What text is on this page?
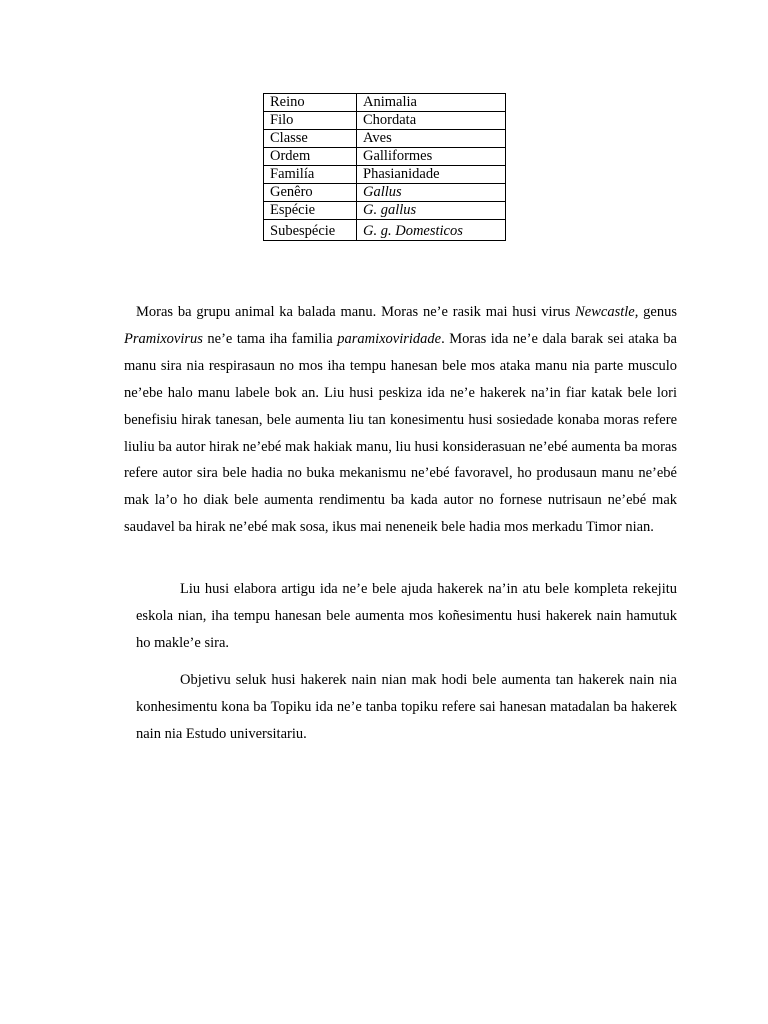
Reino	Animalia
Filo	Chordata
Classe	Aves
Ordem	Galliformes
Familía	Phasianidade
Genêro	Gallus
Espécie	G. gallus
Subespécie	G. g. Domesticos

Moras ba grupu animal ka balada manu. Moras ne’e rasik mai husi virus Newcastle, genus Pramixovirus ne’e tama iha familia paramixoviridade. Moras ida ne’e dala barak sei ataka ba manu sira nia respirasaun no mos iha tempu hanesan bele mos ataka manu nia parte musculo ne’ebe halo manu labele bok an. Liu husi peskiza ida ne’e hakerek na’in fiar katak bele lori benefisiu hirak tanesan, bele aumenta liu tan konesimentu husi sosiedade konaba moras refere liuliu ba autor hirak ne’ebé mak hakiak manu, liu husi konsiderasuan ne’ebé aumenta ba moras refere autor sira bele hadia no buka mekanismu ne’ebé favoravel, ho produsaun manu ne’ebé mak la’o ho diak bele aumenta rendimentu ba kada autor no fornese nutrisaun ne’ebé mak saudavel ba hirak ne’ebé mak sosa, ikus mai neneneik bele hadia mos merkadu Timor nian.

Liu husi elabora artigu ida ne’e bele ajuda hakerek na’in atu bele kompleta rekejitu eskola nian, iha tempu hanesan bele aumenta mos koñesimentu husi hakerek nain hamutuk ho makle’e sira.

Objetivu seluk husi hakerek nain nian mak hodi bele aumenta tan hakerek nain nia konhesimentu kona ba Topiku ida ne’e tanba topiku refere sai hanesan matadalan ba hakerek nain nia Estudo universitariu.
